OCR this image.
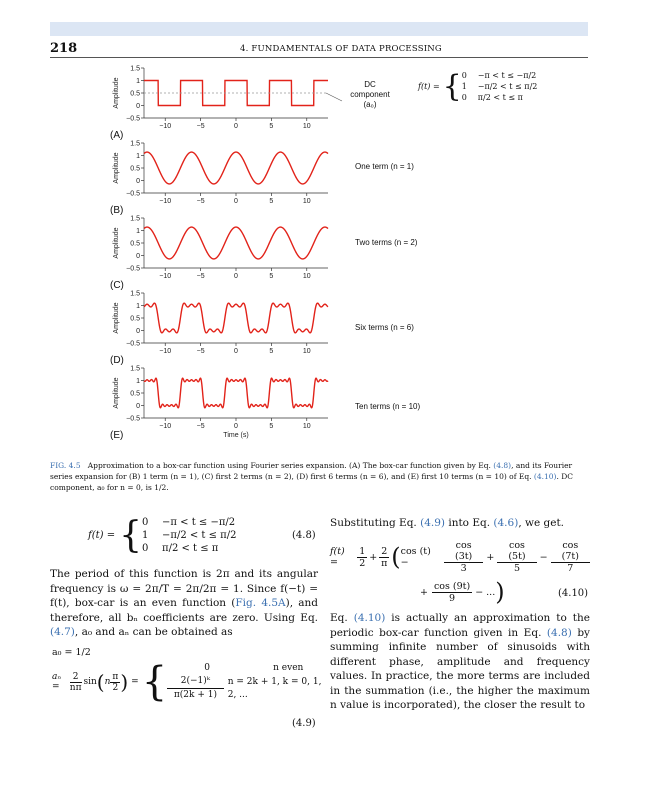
218	4. FUNDAMENTALS OF DATA PROCESSING
1.5
1
0.5
0
−0.5
−10	−5	0	5	10
Amplitude
(A)
1.5
1
0.5
0
−0.5
−10	−5	0	5	10
Amplitude
(B)
1.5
1
0.5
0
−0.5
−10	−5	0	5	10
Amplitude
(C)
1.5
1
0.5
0
−0.5
−10	−5	0	5	10
Amplitude
(D)
1.5
1
0.5
0
−0.5
−10	−5	0	5	10
Amplitude
(E)	Time (s)
DC
component
(a₀)
f(t) = { 0 −π < t ≤ −π/2
1 −π/2 < t ≤ π/2
0 π/2 < t ≤ π
One term (n = 1)
Two terms (n = 2)
Six terms (n = 6)
Ten terms (n = 10)
FIG. 4.5 Approximation to a box-car function using Fourier series expansion. (A) The box-car function given by Eq. (4.8), and its Fourier series expansion for (B) 1 term (n = 1), (C) first 2 terms (n = 2), (D) first 6 terms (n = 6), and (E) first 10 terms (n = 10) of Eq. (4.10). DC component, a₀ for n = 0, is 1/2.
f(t) = { 0 −π < t ≤ −π/2
1 −π/2 < t ≤ π/2
0 π/2 < t ≤ π
(4.8)
The period of this function is 2π and its angular frequency is ω = 2π/T = 2π/2π = 1. Since f(−t) = f(t), box-car is an even function (Fig. 4.5A), and therefore, all bₙ coefficients are zero. Using Eq. (4.7), a₀ and aₙ can be obtained as
a₀ = 1/2
aₙ =	$\frac{2}{n\pi}$ sin ( n $\frac{\pi}{2}$ ) = {	0	n even
$\frac{\text{2(−1)ᵏ}}{\pi(2k + 1)}$ n = 2k + 1, k = 0, 1, 2, ...
(4.9)
Substituting Eq. (4.9) into Eq. (4.6), we get.
f(t) =	$\frac{1}{2} + \frac{2}{\pi}$ ( cos (t) −	$\frac{\cos (3t)}{3} + \frac{\cos (5t)}{5} - \frac{\cos (7t)}{7}$
+ $\frac{\cos (9t)}{9}$ − ... )	(4.10)
Eq. (4.10) is actually an approximation to the periodic box-car function given in Eq. (4.8) by summing infinite number of sinusoids with different phase, amplitude and frequency values. In practice, the more terms are included in the summation (i.e., the higher the maximum n value is incorporated), the closer the result to
